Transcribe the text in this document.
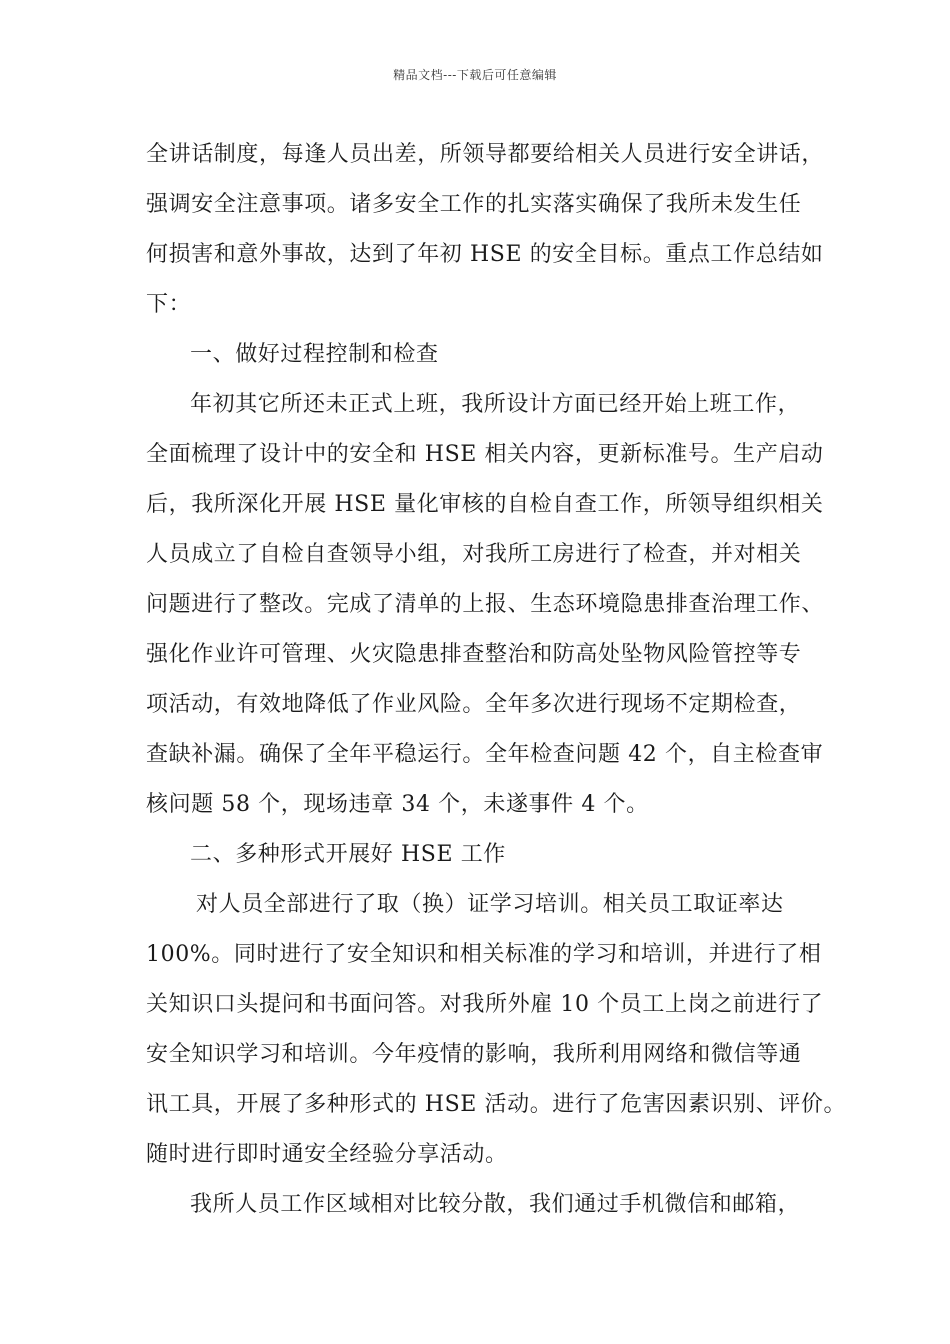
精品文档---下载后可任意编辑
全讲话制度，每逢人员出差，所领导都要给相关人员进行安全讲话，
强调安全注意事项。诸多安全工作的扎实落实确保了我所未发生任
何损害和意外事故，达到了年初 HSE 的安全目标。重点工作总结如
下：
一、做好过程控制和检查
年初其它所还未正式上班，我所设计方面已经开始上班工作，
全面梳理了设计中的安全和 HSE 相关内容，更新标准号。生产启动
后，我所深化开展 HSE 量化审核的自检自查工作，所领导组织相关
人员成立了自检自查领导小组，对我所工房进行了检查，并对相关
问题进行了整改。完成了清单的上报、生态环境隐患排查治理工作、
强化作业许可管理、火灾隐患排查整治和防高处坠物风险管控等专
项活动，有效地降低了作业风险。全年多次进行现场不定期检查，
查缺补漏。确保了全年平稳运行。全年检查问题 42 个，自主检查审
核问题 58 个，现场违章 34 个，未遂事件 4 个。
二、多种形式开展好 HSE 工作
对人员全部进行了取（换）证学习培训。相关员工取证率达
100%。同时进行了安全知识和相关标准的学习和培训，并进行了相
关知识口头提问和书面问答。对我所外雇 10 个员工上岗之前进行了
安全知识学习和培训。今年疫情的影响，我所利用网络和微信等通
讯工具，开展了多种形式的 HSE 活动。进行了危害因素识别、评价。
随时进行即时通安全经验分享活动。
我所人员工作区域相对比较分散，我们通过手机微信和邮箱，
